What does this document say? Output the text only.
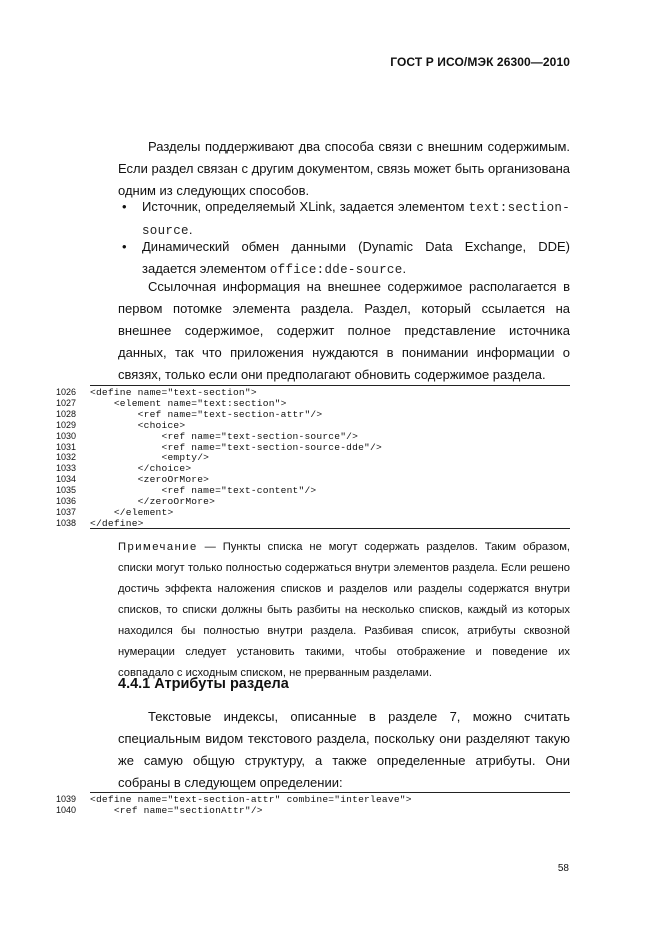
ГОСТ Р ИСО/МЭК 26300—2010
Разделы поддерживают два способа связи с внешним содержимым. Если раздел связан с другим документом, связь может быть организована одним из следующих способов.
• Источник, определяемый XLink, задается элементом text:section-source.
• Динамический обмен данными (Dynamic Data Exchange, DDE) задается элементом office:dde-source.
Ссылочная информация на внешнее содержимое располагается в первом потомке элемента раздела. Раздел, который ссылается на внешнее содержимое, содержит полное представление источника данных, так что приложения нуждаются в понимании информации о связях, только если они предполагают обновить содержимое раздела.
1026 <define name="text-section">
1027 <element name="text:section">
1028 <ref name="text-section-attr"/>
1029 <choice>
1030 <ref name="text-section-source"/>
1031 <ref name="text-section-source-dde"/>
1032 <empty/>
1033 </choice>
1034 <zeroOrMore>
1035 <ref name="text-content"/>
1036 </zeroOrMore>
1037 </element>
1038 </define>
Примечание — Пункты списка не могут содержать разделов. Таким образом, списки могут только полностью содержаться внутри элементов раздела. Если решено достичь эффекта наложения списков и разделов или разделы содержатся внутри списков, то списки должны быть разбиты на несколько списков, каждый из которых находился бы полностью внутри раздела. Разбивая список, атрибуты сквозной нумерации следует установить такими, чтобы отображение и поведение их совпадало с исходным списком, не прерванным разделами.
4.4.1 Атрибуты раздела
Текстовые индексы, описанные в разделе 7, можно считать специальным видом текстового раздела, поскольку они разделяют такую же самую общую структуру, а также определенные атрибуты. Они собраны в следующем определении:
1039 <define name="text-section-attr" combine="interleave">
1040 <ref name="sectionAttr"/>
58
